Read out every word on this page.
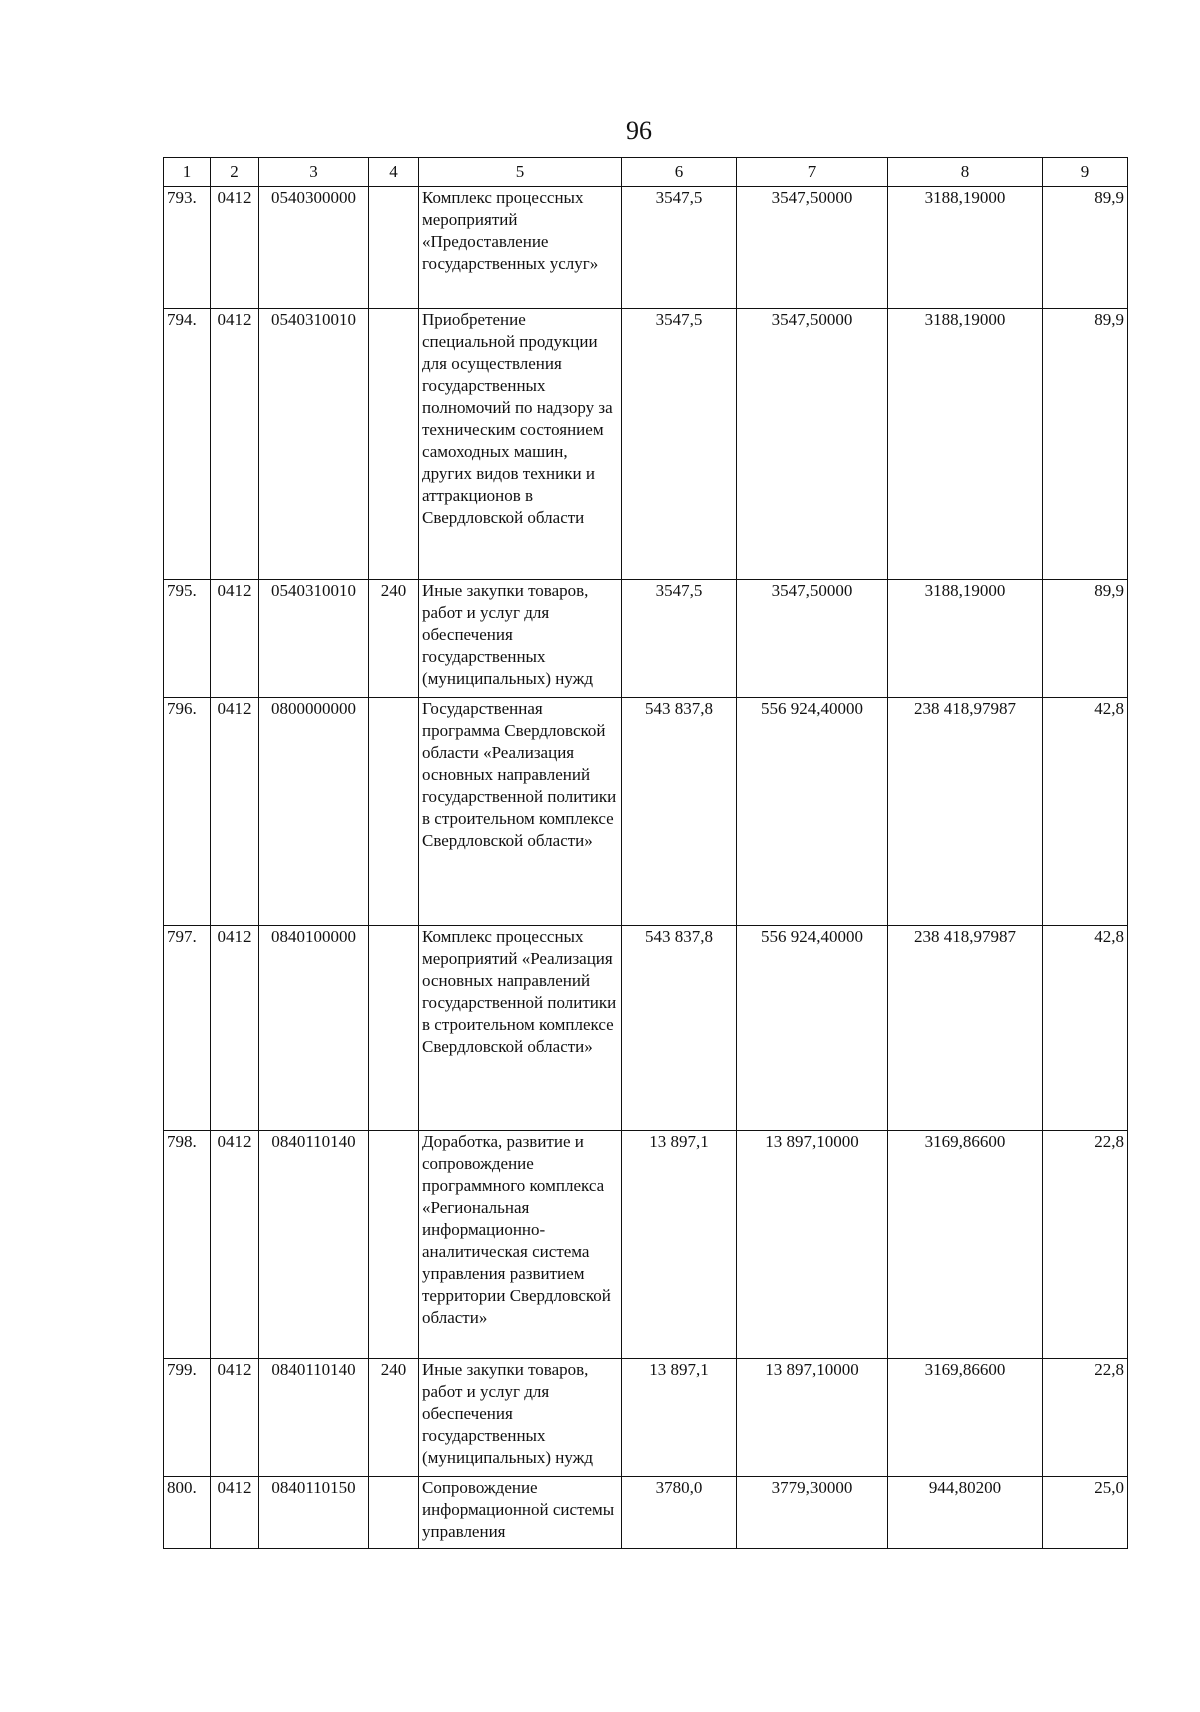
96
1	2	3	4	5	6	7	8	9
793.	0412	0540300000		Комплекс процессных мероприятий «Предоставление государственных услуг»	3547,5	3547,50000	3188,19000	89,9
794.	0412	0540310010		Приобретение специальной продукции для осуществления государственных полномочий по надзору за техническим состоянием самоходных машин, других видов техники и аттракционов в Свердловской области	3547,5	3547,50000	3188,19000	89,9
795.	0412	0540310010	240	Иные закупки товаров, работ и услуг для обеспечения государственных (муниципальных) нужд	3547,5	3547,50000	3188,19000	89,9
796.	0412	0800000000		Государственная программа Свердловской области «Реализация основных направлений государственной политики в строительном комплексе Свердловской области»	543 837,8	556 924,40000	238 418,97987	42,8
797.	0412	0840100000		Комплекс процессных мероприятий «Реализация основных направлений государственной политики в строительном комплексе Свердловской области»	543 837,8	556 924,40000	238 418,97987	42,8
798.	0412	0840110140		Доработка, развитие и сопровождение программного комплекса «Региональная информационно-аналитическая система управления развитием территории Свердловской области»	13 897,1	13 897,10000	3169,86600	22,8
799.	0412	0840110140	240	Иные закупки товаров, работ и услуг для обеспечения государственных (муниципальных) нужд	13 897,1	13 897,10000	3169,86600	22,8
800.	0412	0840110150		Сопровождение информационной системы управления	3780,0	3779,30000	944,80200	25,0
